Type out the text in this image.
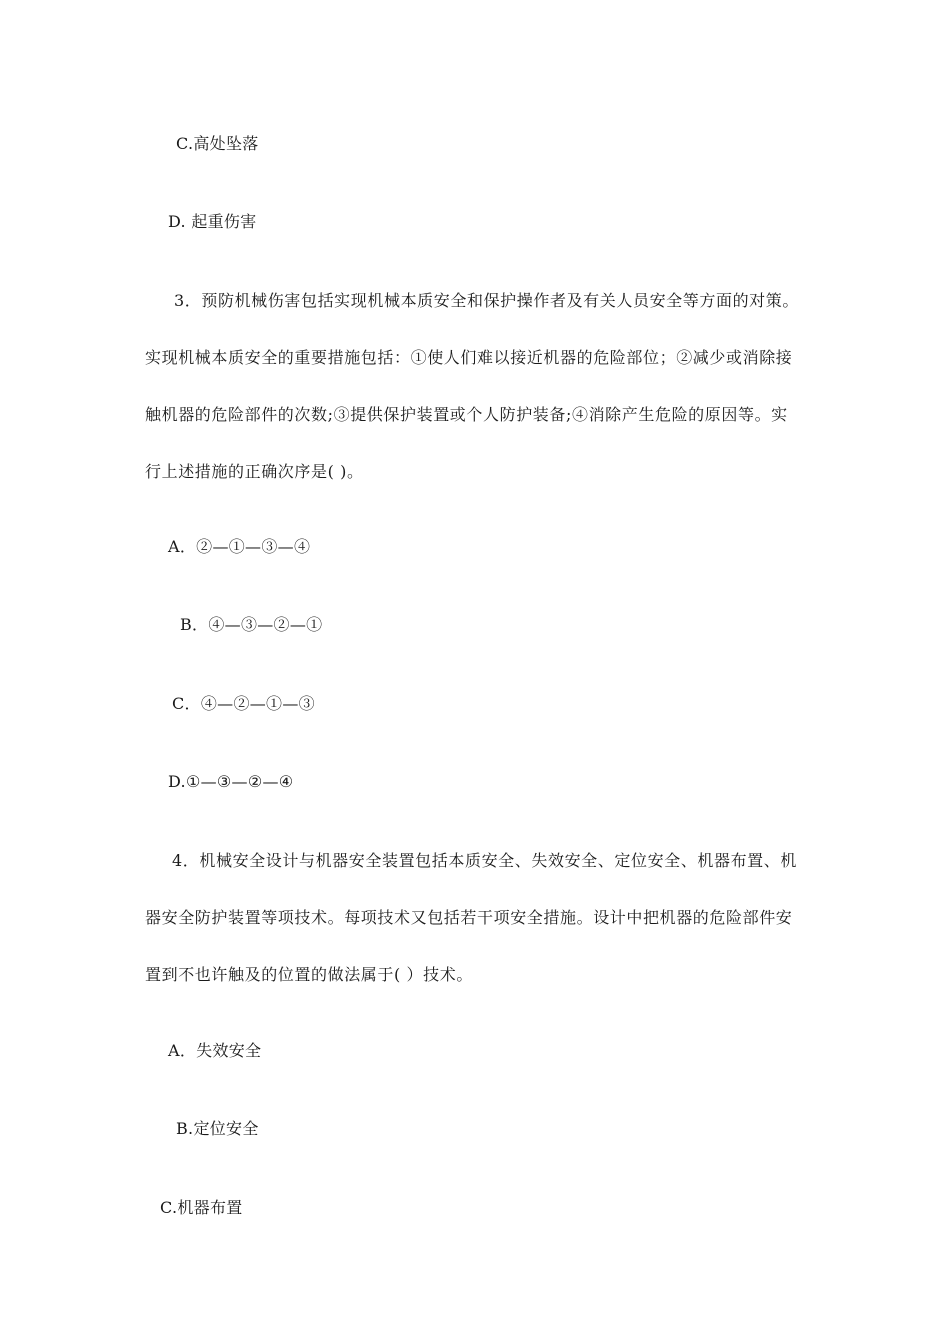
C.高处坠落
D. 起重伤害
3．预防机械伤害包括实现机械本质安全和保护操作者及有关人员安全等方面的对策。
实现机械本质安全的重要措施包括：①使人们难以接近机器的危险部位；②减少或消除接
触机器的危险部件的次数;③提供保护装置或个人防护装备;④消除产生危险的原因等。实
行上述措施的正确次序是( )。
A．②—①—③—④
B．④—③—②—①
C．④—②—①—③
D.①—③—②—④
4．机械安全设计与机器安全装置包括本质安全、失效安全、定位安全、机器布置、机
器安全防护装置等项技术。每项技术又包括若干项安全措施。设计中把机器的危险部件安
置到不也许触及的位置的做法属于( ）技术。
A．失效安全
B.定位安全
C.机器布置
